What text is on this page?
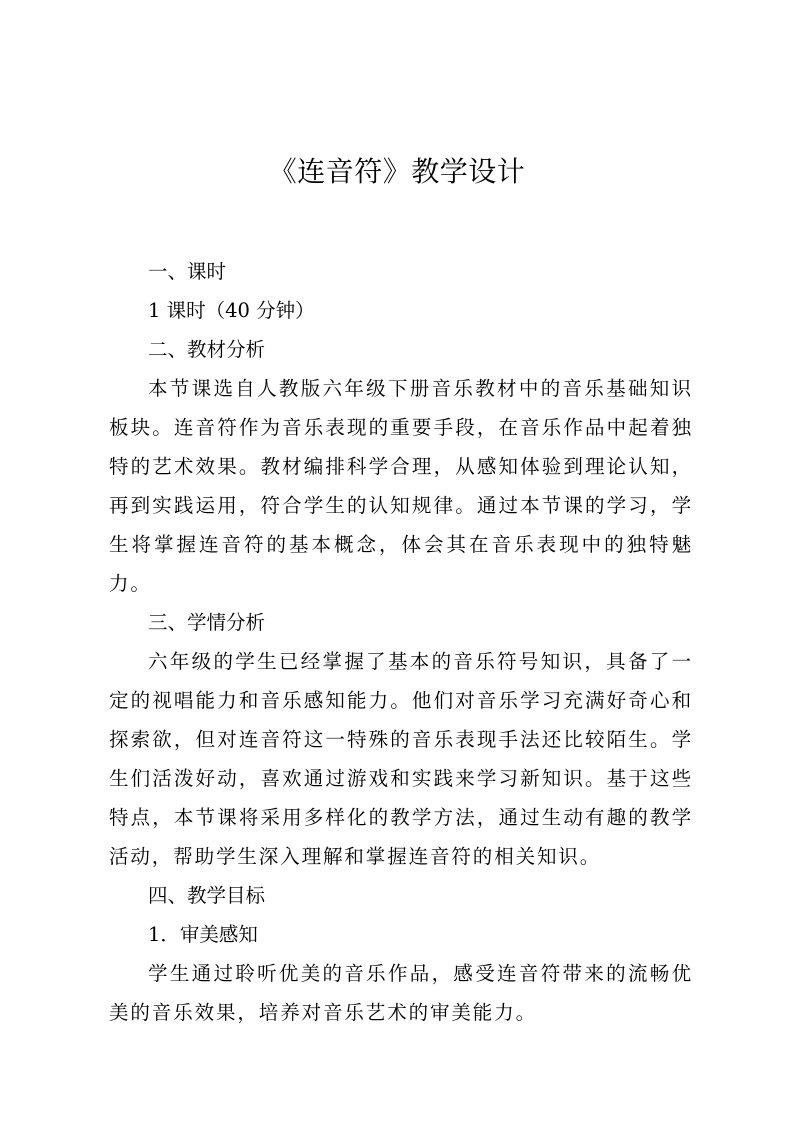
《连音符》教学设计
一、课时
1 课时（40 分钟）
二、教材分析

本节课选自人教版六年级下册音乐教材中的音乐基础知识板块。连音符作为音乐表现的重要手段，在音乐作品中起着独特的艺术效果。教材编排科学合理，从感知体验到理论认知，再到实践运用，符合学生的认知规律。通过本节课的学习，学生将掌握连音符的基本概念，体会其在音乐表现中的独特魅力。

三、学情分析

六年级的学生已经掌握了基本的音乐符号知识，具备了一定的视唱能力和音乐感知能力。他们对音乐学习充满好奇心和探索欲，但对连音符这一特殊的音乐表现手法还比较陌生。学生们活泼好动，喜欢通过游戏和实践来学习新知识。基于这些特点，本节课将采用多样化的教学方法，通过生动有趣的教学活动，帮助学生深入理解和掌握连音符的相关知识。

四、教学目标
1．审美感知

学生通过聆听优美的音乐作品，感受连音符带来的流畅优美的音乐效果，培养对音乐艺术的审美能力。
